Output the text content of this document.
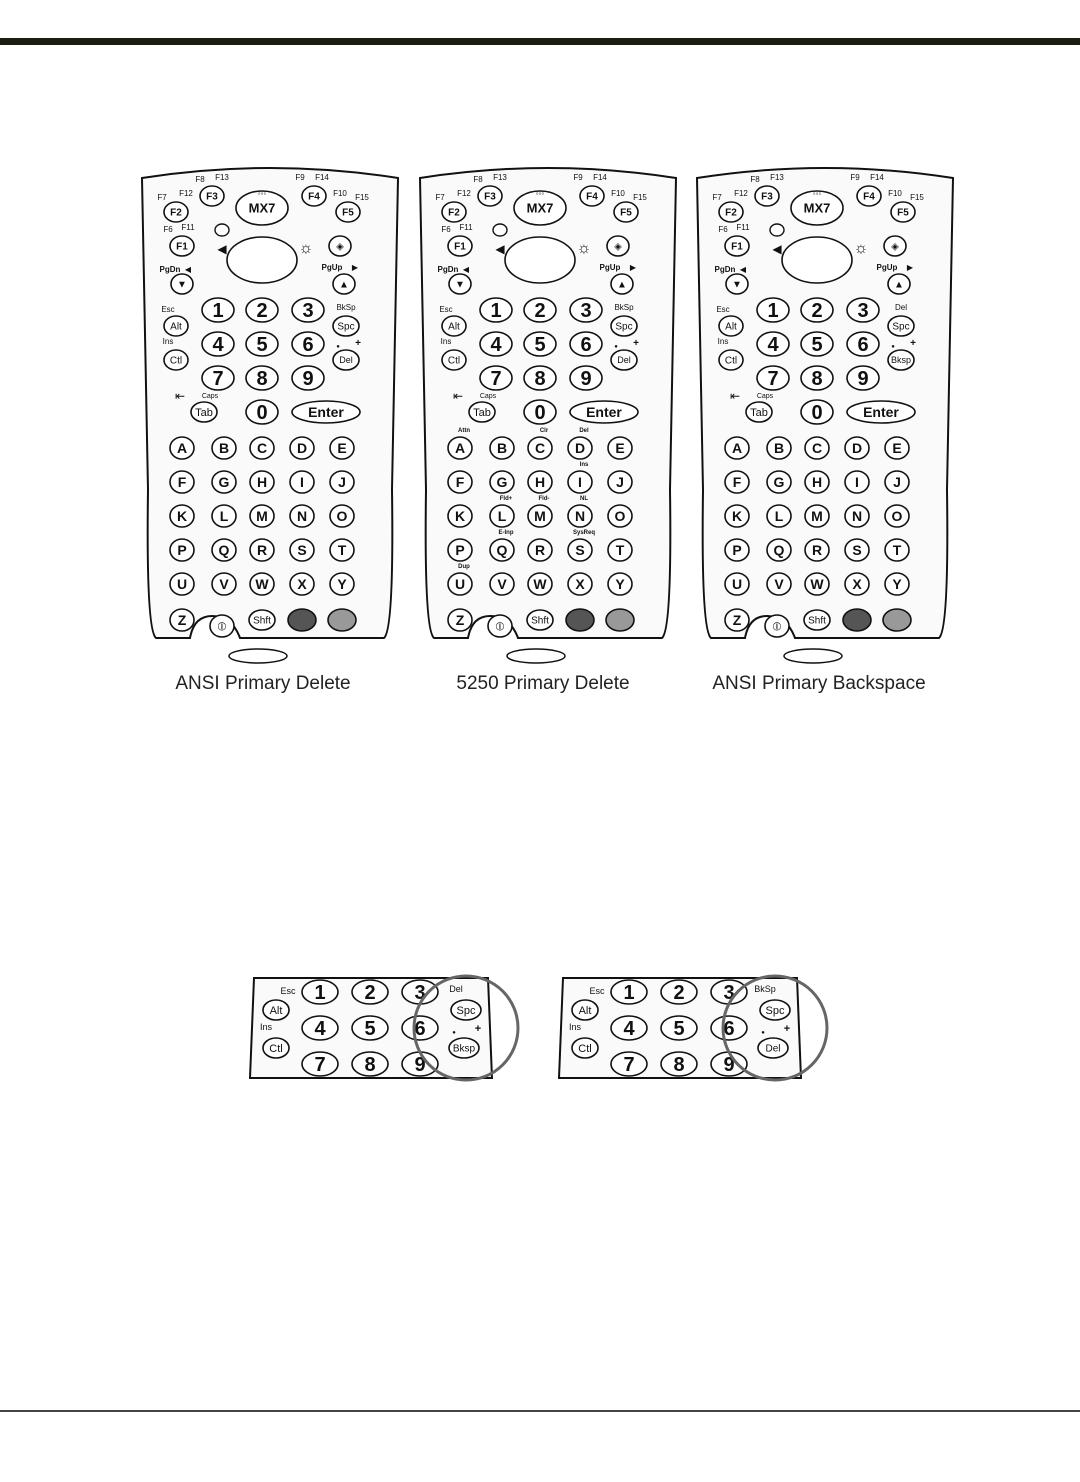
MX7
◦◦◦
F1
F2
F3	F4
F5
F6 F11
F7 F12
F8 F13	F9 F14
F10 F15
◀	☼ ◈
PgDn	PgUp
◀	▶
▼	▲
1 2 3
4 5 6
7 8 9
0
Esc
Ins
BkSp
Alt
Ctl
Spc
Del
● +
⇤ Caps
Tab	Enter
A B C D E
F G H I J
K L M N O
P Q R S T
U V W X Y
Z	⦶	Shft
MX7
◦◦◦
F1
F2
F3	F4
F5
F6 F11
F7 F12
F8 F13	F9 F14
F10 F15
◀	☼ ◈
PgDn	PgUp
◀	▶
▼	▲
1 2 3
4 5 6
7 8 9
0
Esc
Ins
BkSp
Alt
Ctl
Spc
Del
● +
⇤ Caps
Tab	Enter
A B C D E
F G H I J
K L M N O
P Q R S T
U V W X Y
Z	⦶	Shft
Attn	Clr	Del
Ins
Fld+	Fld-	NL
E-Inp	SysReq
Dup
MX7
◦◦◦
F1
F2
F3	F4
F5
F6 F11
F7 F12
F8 F13	F9 F14
F10 F15
◀	☼ ◈
PgDn	PgUp
◀	▶
▼	▲
1 2 3
4 5 6
7 8 9
0
Esc
Ins
Del
Alt
Ctl
Spc
Bksp
● +
⇤ Caps
Tab	Enter
A B C D E
F G H I J
K L M N O
P Q R S T
U V W X Y
Z	⦶	Shft
ANSI Primary Delete	5250 Primary Delete	ANSI Primary Backspace
Esc
Ins
Alt
Ctl
1 2 3
4 5 6
7 8 9
Del
Spc
Bksp
● +
Esc
Ins
Alt
Ctl
1 2 3
4 5 6
7 8 9
BkSp
Spc
Del
● +
